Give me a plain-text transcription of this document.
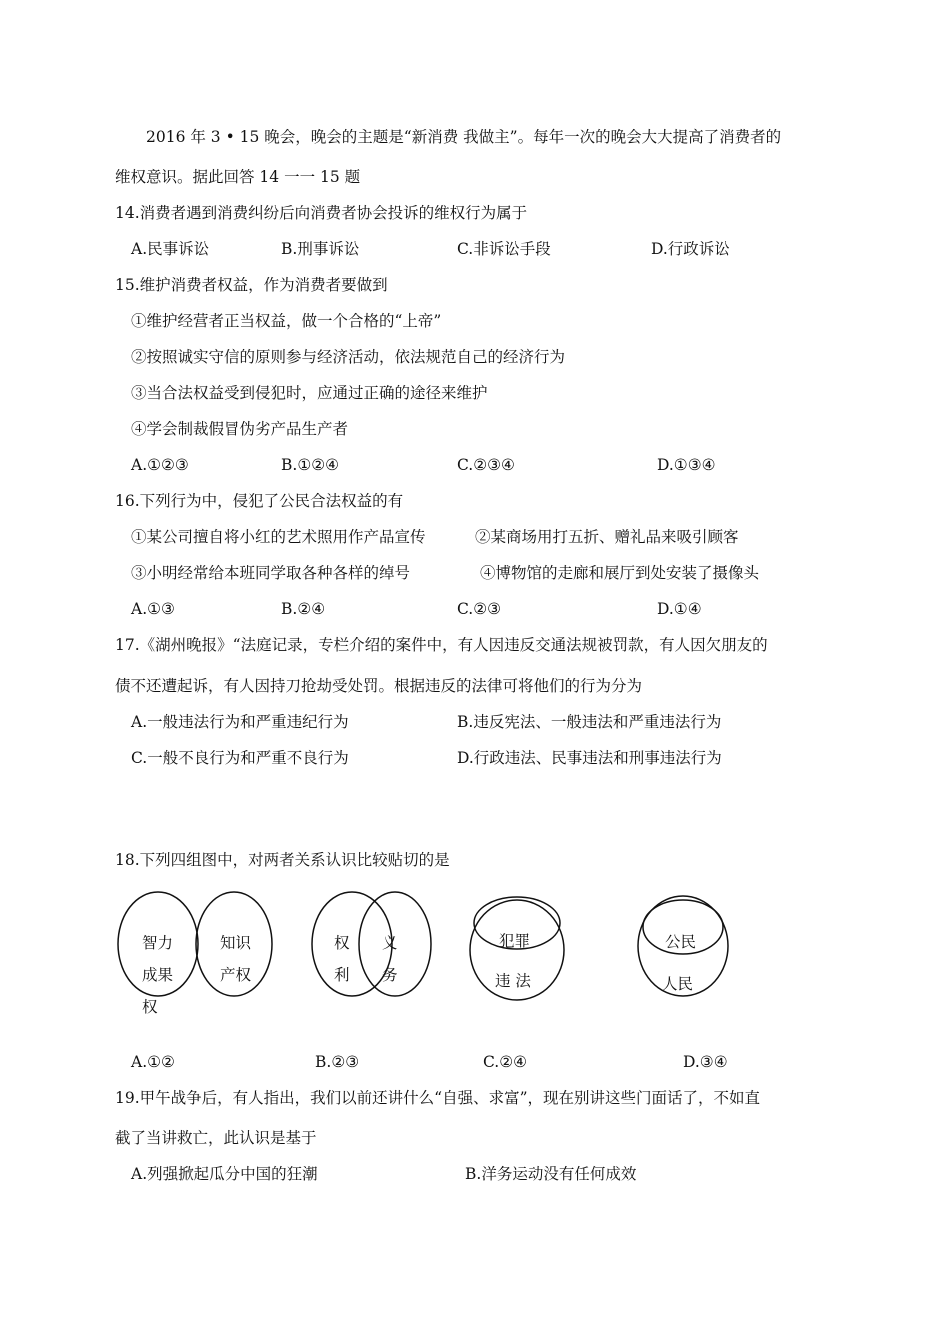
2016 年 3 • 15 晚会，晚会的主题是“新消费 我做主”。每年一次的晚会大大提高了消费者的
维权意识。据此回答 14 一一 15 题
14.消费者遇到消费纠纷后向消费者协会投诉的维权行为属于
A.民事诉讼	B.刑事诉讼	C.非诉讼手段	D.行政诉讼
15.维护消费者权益，作为消费者要做到
①维护经营者正当权益，做一个合格的“上帝”
②按照诚实守信的原则参与经济活动，依法规范自己的经济行为
③当合法权益受到侵犯时，应通过正确的途径来维护
④学会制裁假冒伪劣产品生产者
A.①②③	B.①②④	C.②③④	D.①③④
16.下列行为中，侵犯了公民合法权益的有
①某公司擅自将小红的艺术照用作产品宣传	②某商场用打五折、赠礼品来吸引顾客
③小明经常给本班同学取各种各样的绰号	④博物馆的走廊和展厅到处安装了摄像头
A.①③	B.②④	C.②③	D.①④
17.《湖州晚报》“法庭记录，专栏介绍的案件中，有人因违反交通法规被罚款，有人因欠朋友的
债不还遭起诉，有人因持刀抢劫受处罚。根据违反的法律可将他们的行为分为
A.一般违法行为和严重违纪行为	B.违反宪法、一般违法和严重违法行为
C.一般不良行为和严重不良行为	D.行政违法、民事违法和刑事违法行为
18.下列四组图中，对两者关系认识比较贴切的是
智力
成果
权
知识
产权
权
利
义
务
犯罪
违 法
公民
人民
A.①②	B.②③	C.②④	D.③④
19.甲午战争后，有人指出，我们以前还讲什么“自强、求富”，现在别讲这些门面话了，不如直
截了当讲救亡，此认识是基于
A.列强掀起瓜分中国的狂潮	B.洋务运动没有任何成效
